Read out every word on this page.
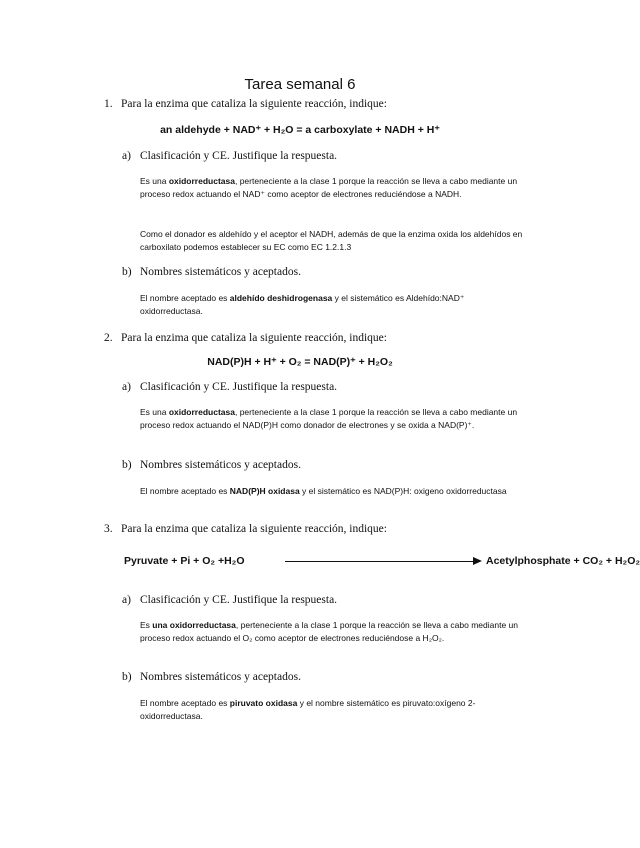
Tarea semanal 6
1. Para la enzima que cataliza la siguiente reacción, indique:
an aldehyde + NAD⁺ + H₂O = a carboxylate + NADH + H⁺
a) Clasificación y CE. Justifique la respuesta.
Es una oxidorreductasa, perteneciente a la clase 1 porque la reacción se lleva a cabo mediante un proceso redox actuando el NAD⁺ como aceptor de electrones reduciéndose a NADH.
Como el donador es aldehído y el aceptor el NADH, además de que la enzima oxida los aldehídos en carboxilato podemos establecer su EC como EC 1.2.1.3
b) Nombres sistemáticos y aceptados.
El nombre aceptado es aldehído deshidrogenasa y el sistemático es Aldehído:NAD⁺ oxidorreductasa.
2. Para la enzima que cataliza la siguiente reacción, indique:
NAD(P)H + H⁺ + O₂ = NAD(P)⁺ + H₂O₂
a) Clasificación y CE. Justifique la respuesta.
Es una oxidorreductasa, perteneciente a la clase 1 porque la reacción se lleva a cabo mediante un proceso redox actuando el NAD(P)H como donador de electrones y se oxida a NAD(P)⁺.
b) Nombres sistemáticos y aceptados.
El nombre aceptado es NAD(P)H oxidasa y el sistemático es NAD(P)H: oxigeno oxidorreductasa
3. Para la enzima que cataliza la siguiente reacción, indique:
Pyruvate + Pi + O₂ +H₂O	Acetylphosphate + CO₂ + H₂O₂
a) Clasificación y CE. Justifique la respuesta.
Es una oxidorreductasa, perteneciente a la clase 1 porque la reacción se lleva a cabo mediante un proceso redox actuando el O₂ como aceptor de electrones reduciéndose a H₂O₂.
b) Nombres sistemáticos y aceptados.
El nombre aceptado es piruvato oxidasa y el nombre sistemático es piruvato:oxígeno 2-oxidorreductasa.
